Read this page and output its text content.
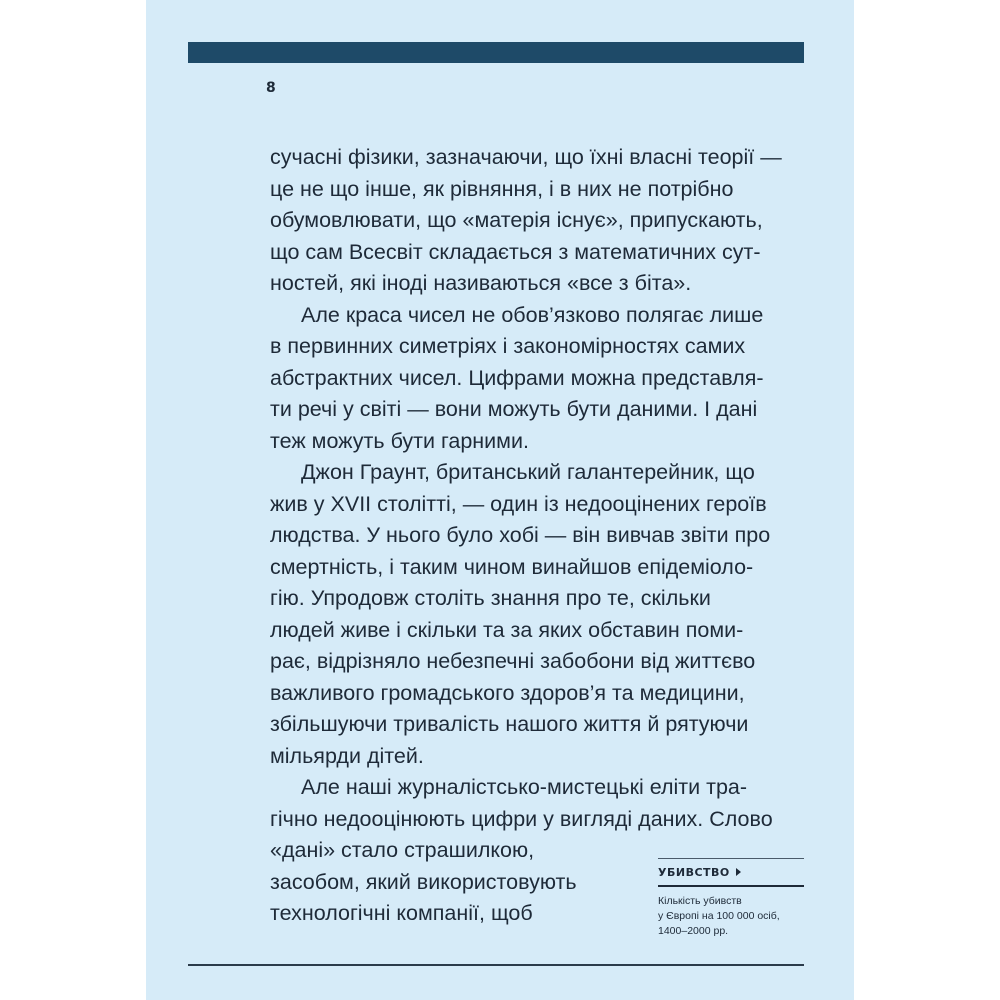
8
сучасні фізики, зазначаючи, що їхні власні теорії —
це не що інше, як рівняння, і в них не потрібно
обумовлювати, що «матерія існує», припускають,
що сам Всесвіт складається з математичних сут-
ностей, які іноді називаються «все з біта».
Але краса чисел не обов’язково полягає лише
в первинних симетріях і закономірностях самих
абстрактних чисел. Цифрами можна представля-
ти речі у світі — вони можуть бути даними. І дані
теж можуть бути гарними.
Джон Граунт, британський галантерейник, що
жив у XVII столітті, — один із недооцінених героїв
людства. У нього було хобі — він вивчав звіти про
смертність, і таким чином винайшов епідеміоло-
гію. Упродовж століть знання про те, скільки
людей живе і скільки та за яких обставин поми-
рає, відрізняло небезпечні забобони від життєво
важливого громадського здоров’я та медицини,
збільшуючи тривалість нашого життя й рятуючи
мільярди дітей.
Але наші журналістсько-мистецькі еліти тра-
гічно недооцінюють цифри у вигляді даних. Слово
«дані» стало страшилкою,
засобом, який використовують
технологічні компанії, щоб
УБИВСТВО
Кількість убивств
у Європі на 100 000 осіб,
1400–2000 рр.
